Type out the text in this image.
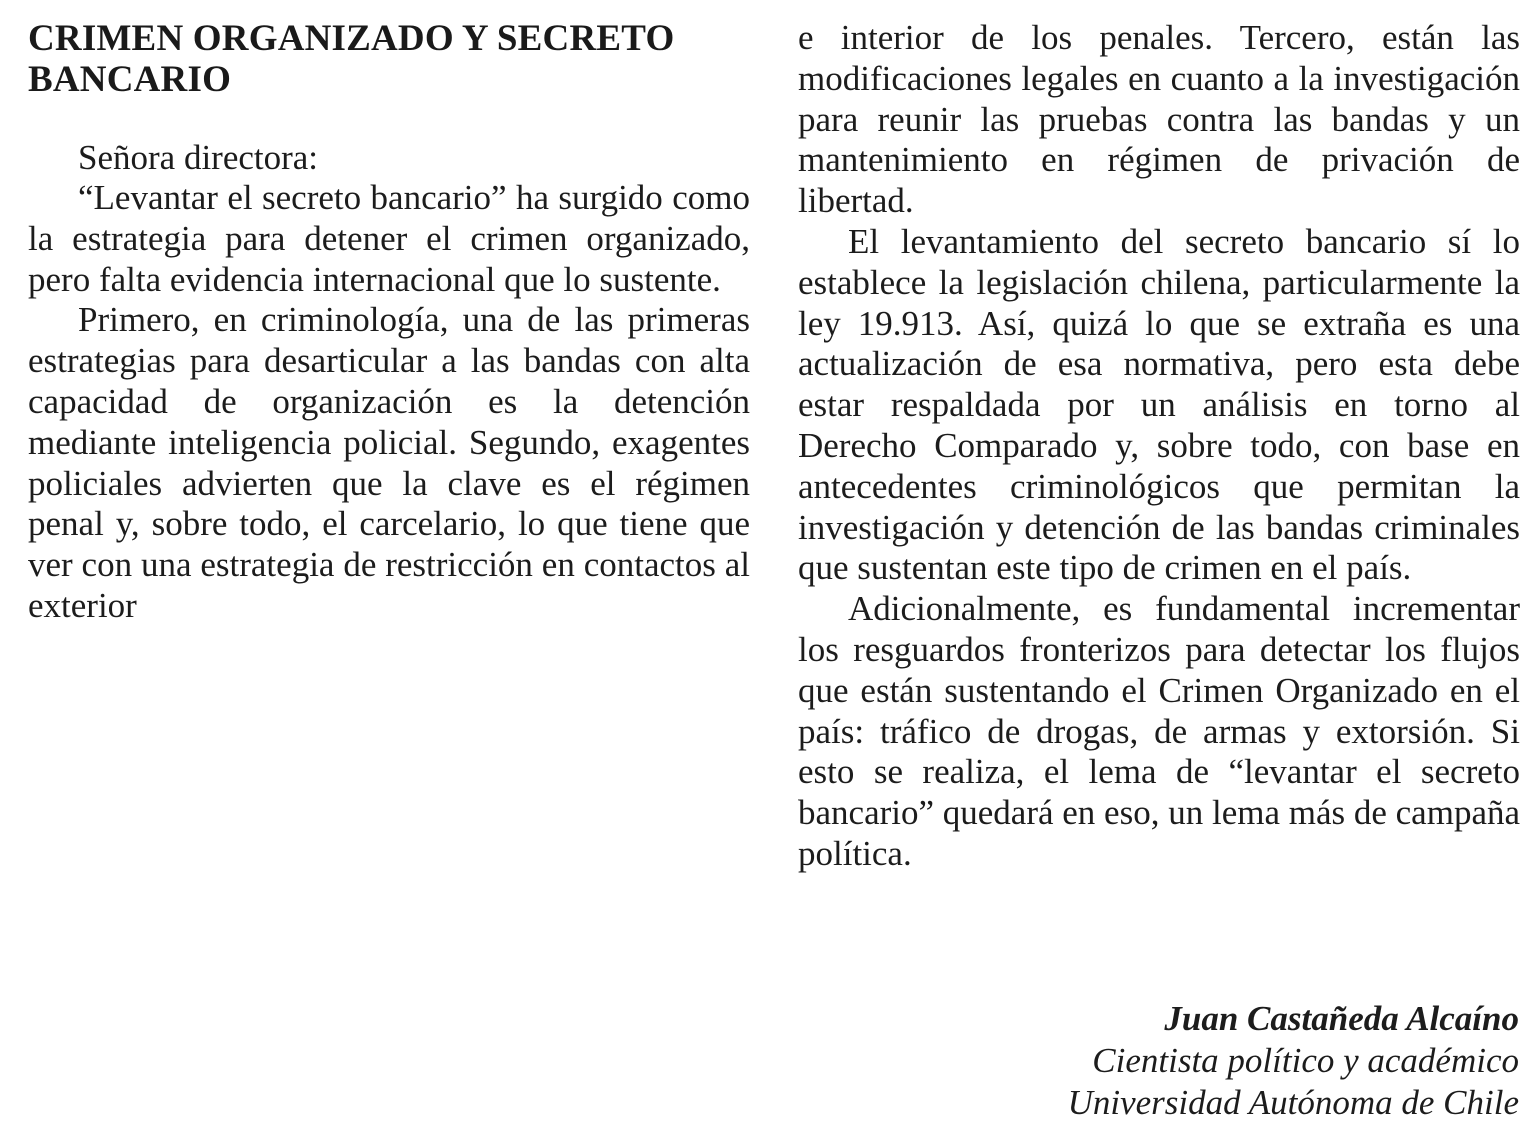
CRIMEN ORGANIZADO Y SECRETO BANCARIO

Señora directora:

“Levantar el secreto bancario” ha surgido como la estrategia para detener el crimen organizado, pero falta evidencia internacional que lo sustente.

Primero, en criminología, una de las primeras estrategias para desarticular a las bandas con alta capacidad de organización es la detención mediante inteligencia policial. Segundo, exagentes policiales advierten que la clave es el régimen penal y, sobre todo, el carcelario, lo que tiene que ver con una estrategia de restricción en contactos al exterior

e interior de los penales. Tercero, están las modificaciones legales en cuanto a la investigación para reunir las pruebas contra las bandas y un mantenimiento en régimen de privación de libertad.

El levantamiento del secreto bancario sí lo establece la legislación chilena, particularmente la ley 19.913. Así, quizá lo que se extraña es una actualización de esa normativa, pero esta debe estar respaldada por un análisis en torno al Derecho Comparado y, sobre todo, con base en antecedentes criminológicos que permitan la investigación y detención de las bandas criminales que sustentan este tipo de crimen en el país.

Adicionalmente, es fundamental incrementar los resguardos fronterizos para detectar los flujos que están sustentando el Crimen Organizado en el país: tráfico de drogas, de armas y extorsión. Si esto se realiza, el lema de “levantar el secreto bancario” quedará en eso, un lema más de campaña política.

Juan Castañeda Alcaíno
Cientista político y académico
Universidad Autónoma de Chile
